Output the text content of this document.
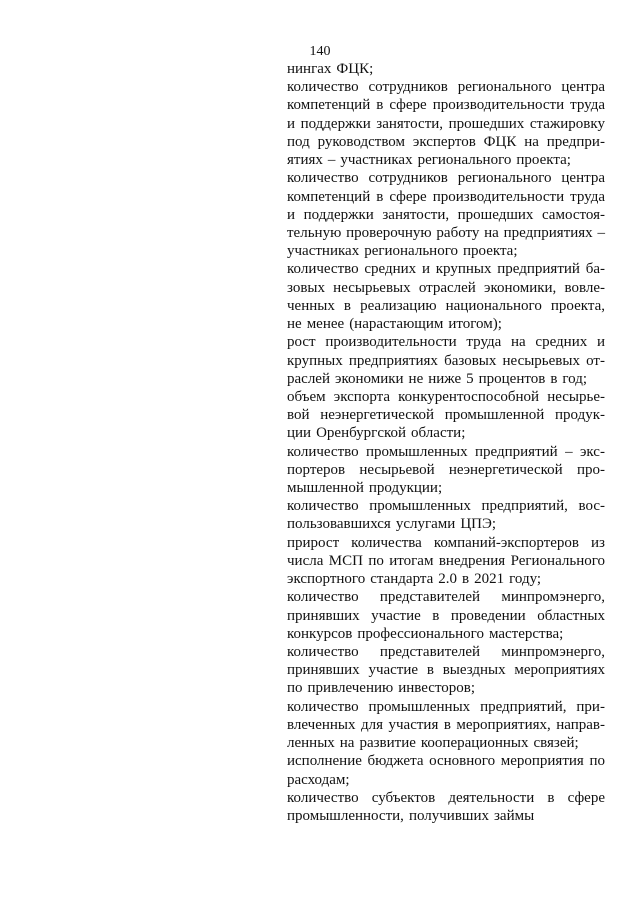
140
нингах ФЦК;
количество сотрудников регионального центра
компетенций в сфере производительности труда
и поддержки занятости, прошедших стажировку
под руководством экспертов ФЦК на предпри-
ятиях – участниках регионального проекта;
количество сотрудников регионального центра
компетенций в сфере производительности труда
и поддержки занятости, прошедших самостоя-
тельную проверочную работу на предприятиях –
участниках регионального проекта;
количество средних и крупных предприятий ба-
зовых несырьевых отраслей экономики, вовле-
ченных в реализацию национального проекта,
не менее (нарастающим итогом);
рост производительности труда на средних и
крупных предприятиях базовых несырьевых от-
раслей экономики не ниже 5 процентов в год;
объем экспорта конкурентоспособной несырье-
вой неэнергетической промышленной продук-
ции Оренбургской области;
количество промышленных предприятий – экс-
портеров несырьевой неэнергетической про-
мышленной продукции;
количество промышленных предприятий, вос-
пользовавшихся услугами ЦПЭ;
прирост количества компаний-экспортеров из
числа МСП по итогам внедрения Регионального
экспортного стандарта 2.0 в 2021 году;
количество представителей минпромэнерго,
принявших участие в проведении областных
конкурсов профессионального мастерства;
количество представителей минпромэнерго,
принявших участие в выездных мероприятиях
по привлечению инвесторов;
количество промышленных предприятий, при-
влеченных для участия в мероприятиях, направ-
ленных на развитие кооперационных связей;
исполнение бюджета основного мероприятия по
расходам;
количество субъектов деятельности в сфере
промышленности, получивших займы
